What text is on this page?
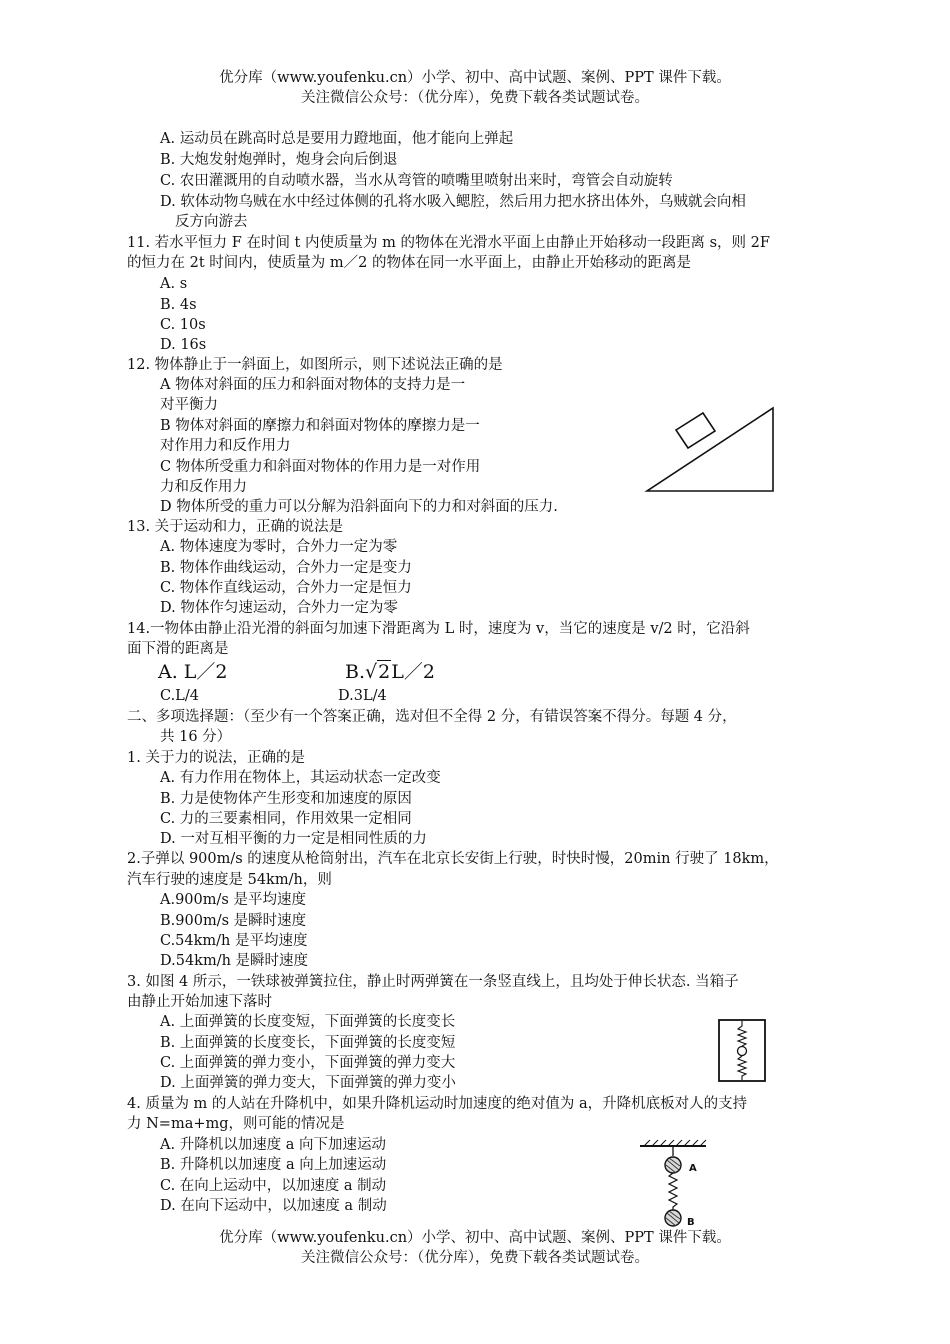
优分库（www.youfenku.cn）小学、初中、高中试题、案例、PPT 课件下载。
关注微信公众号：（优分库），免费下载各类试题试卷。
A. 运动员在跳高时总是要用力蹬地面，他才能向上弹起
B. 大炮发射炮弹时，炮身会向后倒退
C. 农田灌溉用的自动喷水器，当水从弯管的喷嘴里喷射出来时，弯管会自动旋转
D. 软体动物乌贼在水中经过体侧的孔将水吸入鳃腔，然后用力把水挤出体外，乌贼就会向相
反方向游去
11. 若水平恒力 F 在时间 t 内使质量为 m 的物体在光滑水平面上由静止开始移动一段距离 s，则 2F
的恒力在 2t 时间内，使质量为 m／2 的物体在同一水平面上，由静止开始移动的距离是
A. s
B. 4s
C. 10s
D. 16s
12. 物体静止于一斜面上，如图所示，则下述说法正确的是
A 物体对斜面的压力和斜面对物体的支持力是一
对平衡力
B 物体对斜面的摩擦力和斜面对物体的摩擦力是一
对作用力和反作用力
C 物体所受重力和斜面对物体的作用力是一对作用
力和反作用力
D 物体所受的重力可以分解为沿斜面向下的力和对斜面的压力.
13. 关于运动和力，正确的说法是
A. 物体速度为零时，合外力一定为零
B. 物体作曲线运动，合外力一定是变力
C. 物体作直线运动，合外力一定是恒力
D. 物体作匀速运动，合外力一定为零
14.一物体由静止沿光滑的斜面匀加速下滑距离为 L 时，速度为 v，当它的速度是 v/2 时，它沿斜
面下滑的距离是
A. L／2	B.√2L／2
C.L/4	D.3L/4
二、多项选择题：（至少有一个答案正确，选对但不全得 2 分，有错误答案不得分。每题 4 分，
共 16 分）
1. 关于力的说法，正确的是
A. 有力作用在物体上，其运动状态一定改变
B. 力是使物体产生形变和加速度的原因
C. 力的三要素相同，作用效果一定相同
D. 一对互相平衡的力一定是相同性质的力
2.子弹以 900m/s 的速度从枪筒射出，汽车在北京长安街上行驶，时快时慢，20min 行驶了 18km，
汽车行驶的速度是 54km/h，则
A.900m/s 是平均速度
B.900m/s 是瞬时速度
C.54km/h 是平均速度
D.54km/h 是瞬时速度
3. 如图 4 所示，一铁球被弹簧拉住，静止时两弹簧在一条竖直线上，且均处于伸长状态. 当箱子
由静止开始加速下落时
A. 上面弹簧的长度变短，下面弹簧的长度变长
B. 上面弹簧的长度变长，下面弹簧的长度变短
C. 上面弹簧的弹力变小，下面弹簧的弹力变大
D. 上面弹簧的弹力变大，下面弹簧的弹力变小
4. 质量为 m 的人站在升降机中，如果升降机运动时加速度的绝对值为 a，升降机底板对人的支持
力 N=ma+mg，则可能的情况是
A. 升降机以加速度 a 向下加速运动
B. 升降机以加速度 a 向上加速运动
C. 在向上运动中，以加速度 a 制动
D. 在向下运动中，以加速度 a 制动
A
B
优分库（www.youfenku.cn）小学、初中、高中试题、案例、PPT 课件下载。
关注微信公众号：（优分库），免费下载各类试题试卷。
